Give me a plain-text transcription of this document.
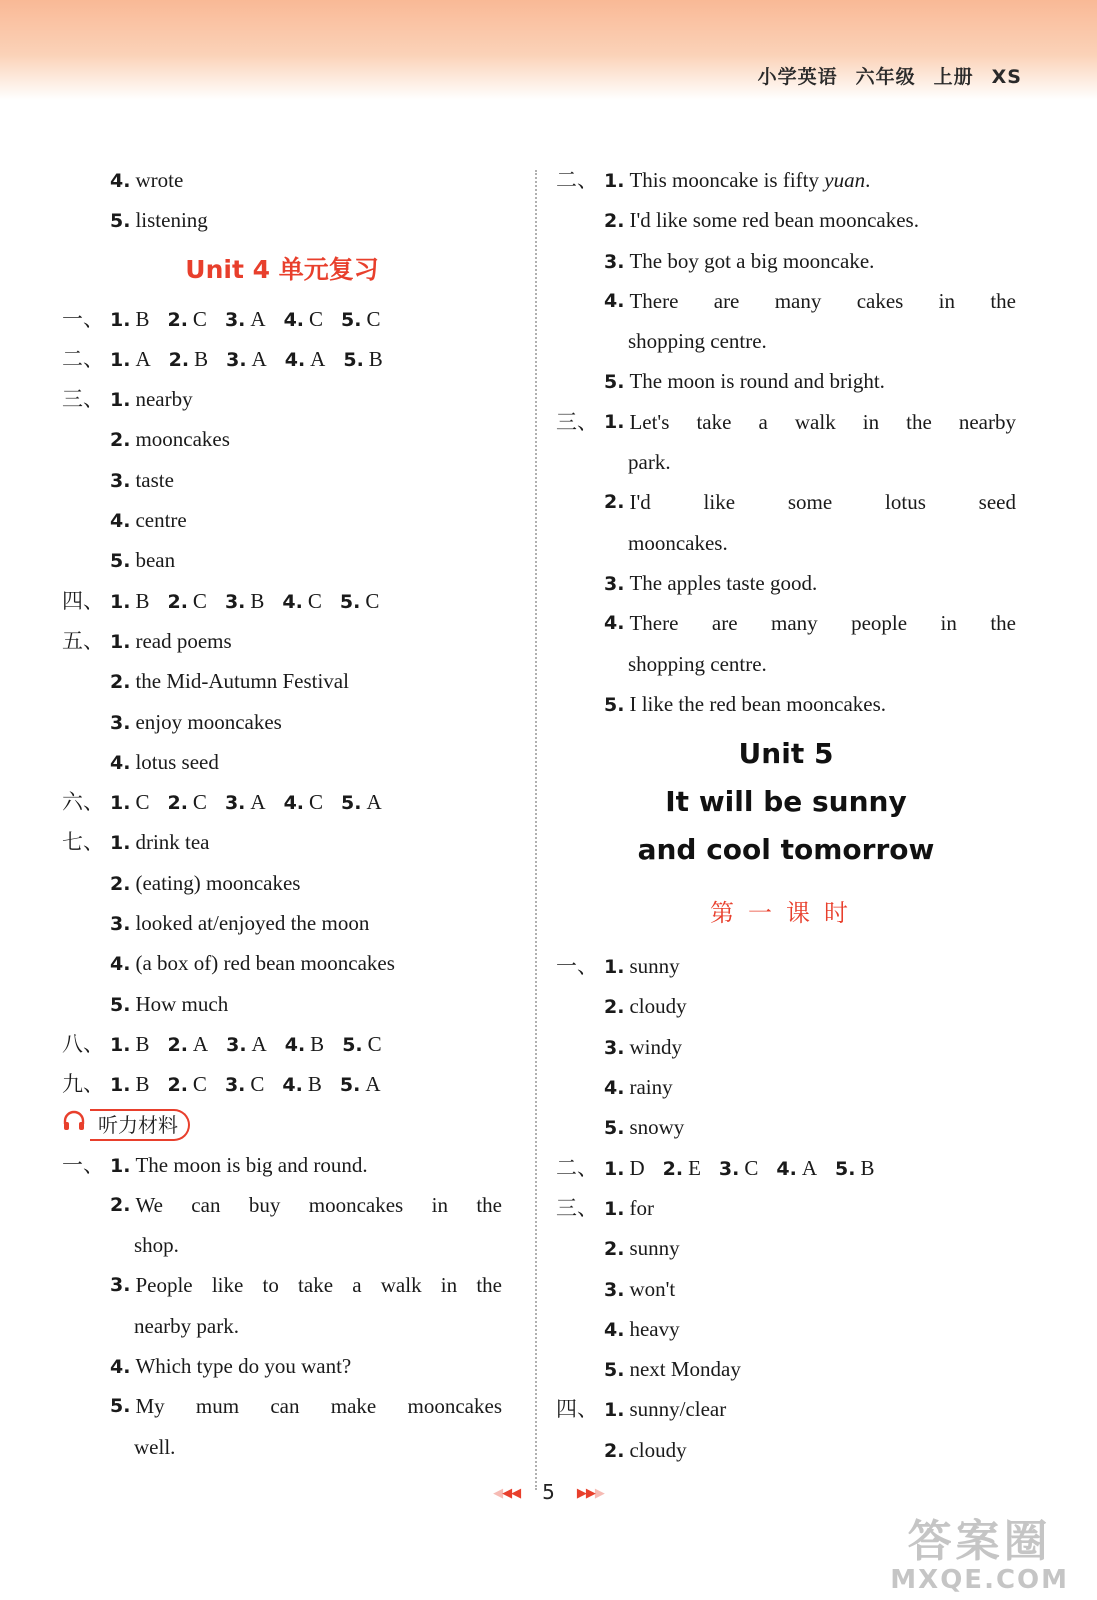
小学英语 六年级 上册 XS
4. wrote
5. listening
Unit 4 单元复习
一、 1. B 2. C 3. A 4. C 5. C
二、 1. A 2. B 3. A 4. A 5. B
三、 1. nearby
2. mooncakes
3. taste
4. centre
5. bean
四、 1. B 2. C 3. B 4. C 5. C
五、 1. read poems
2. the Mid-Autumn Festival
3. enjoy mooncakes
4. lotus seed
六、 1. C 2. C 3. A 4. C 5. A
七、 1. drink tea
2. (eating) mooncakes
3. looked at/enjoyed the moon
4. (a box of) red bean mooncakes
5. How much
八、 1. B 2. A 3. A 4. B 5. C
九、 1. B 2. C 3. C 4. B 5. A
听力材料
一、 1. The moon is big and round.
2. We can buy mooncakes in the
shop.
3. People like to take a walk in the
nearby park.
4. Which type do you want?
5. My mum can make mooncakes
well.
二、 1. This mooncake is fifty yuan.
2. I'd like some red bean mooncakes.
3. The boy got a big mooncake.
4. There are many cakes in the
shopping centre.
5. The moon is round and bright.
三、 1. Let's take a walk in the nearby
park.
2. I'd like some lotus seed
mooncakes.
3. The apples taste good.
4. There are many people in the
shopping centre.
5. I like the red bean mooncakes.
Unit 5
It will be sunny
and cool tomorrow
第一课时
一、 1. sunny
2. cloudy
3. windy
4. rainy
5. snowy
二、 1. D 2. E 3. C 4. A 5. B
三、 1. for
2. sunny
3. won't
4. heavy
5. next Monday
四、 1. sunny/clear
2. cloudy
◀◀◀ 5 ▶▶▶
答案圈
MXQE.COM
